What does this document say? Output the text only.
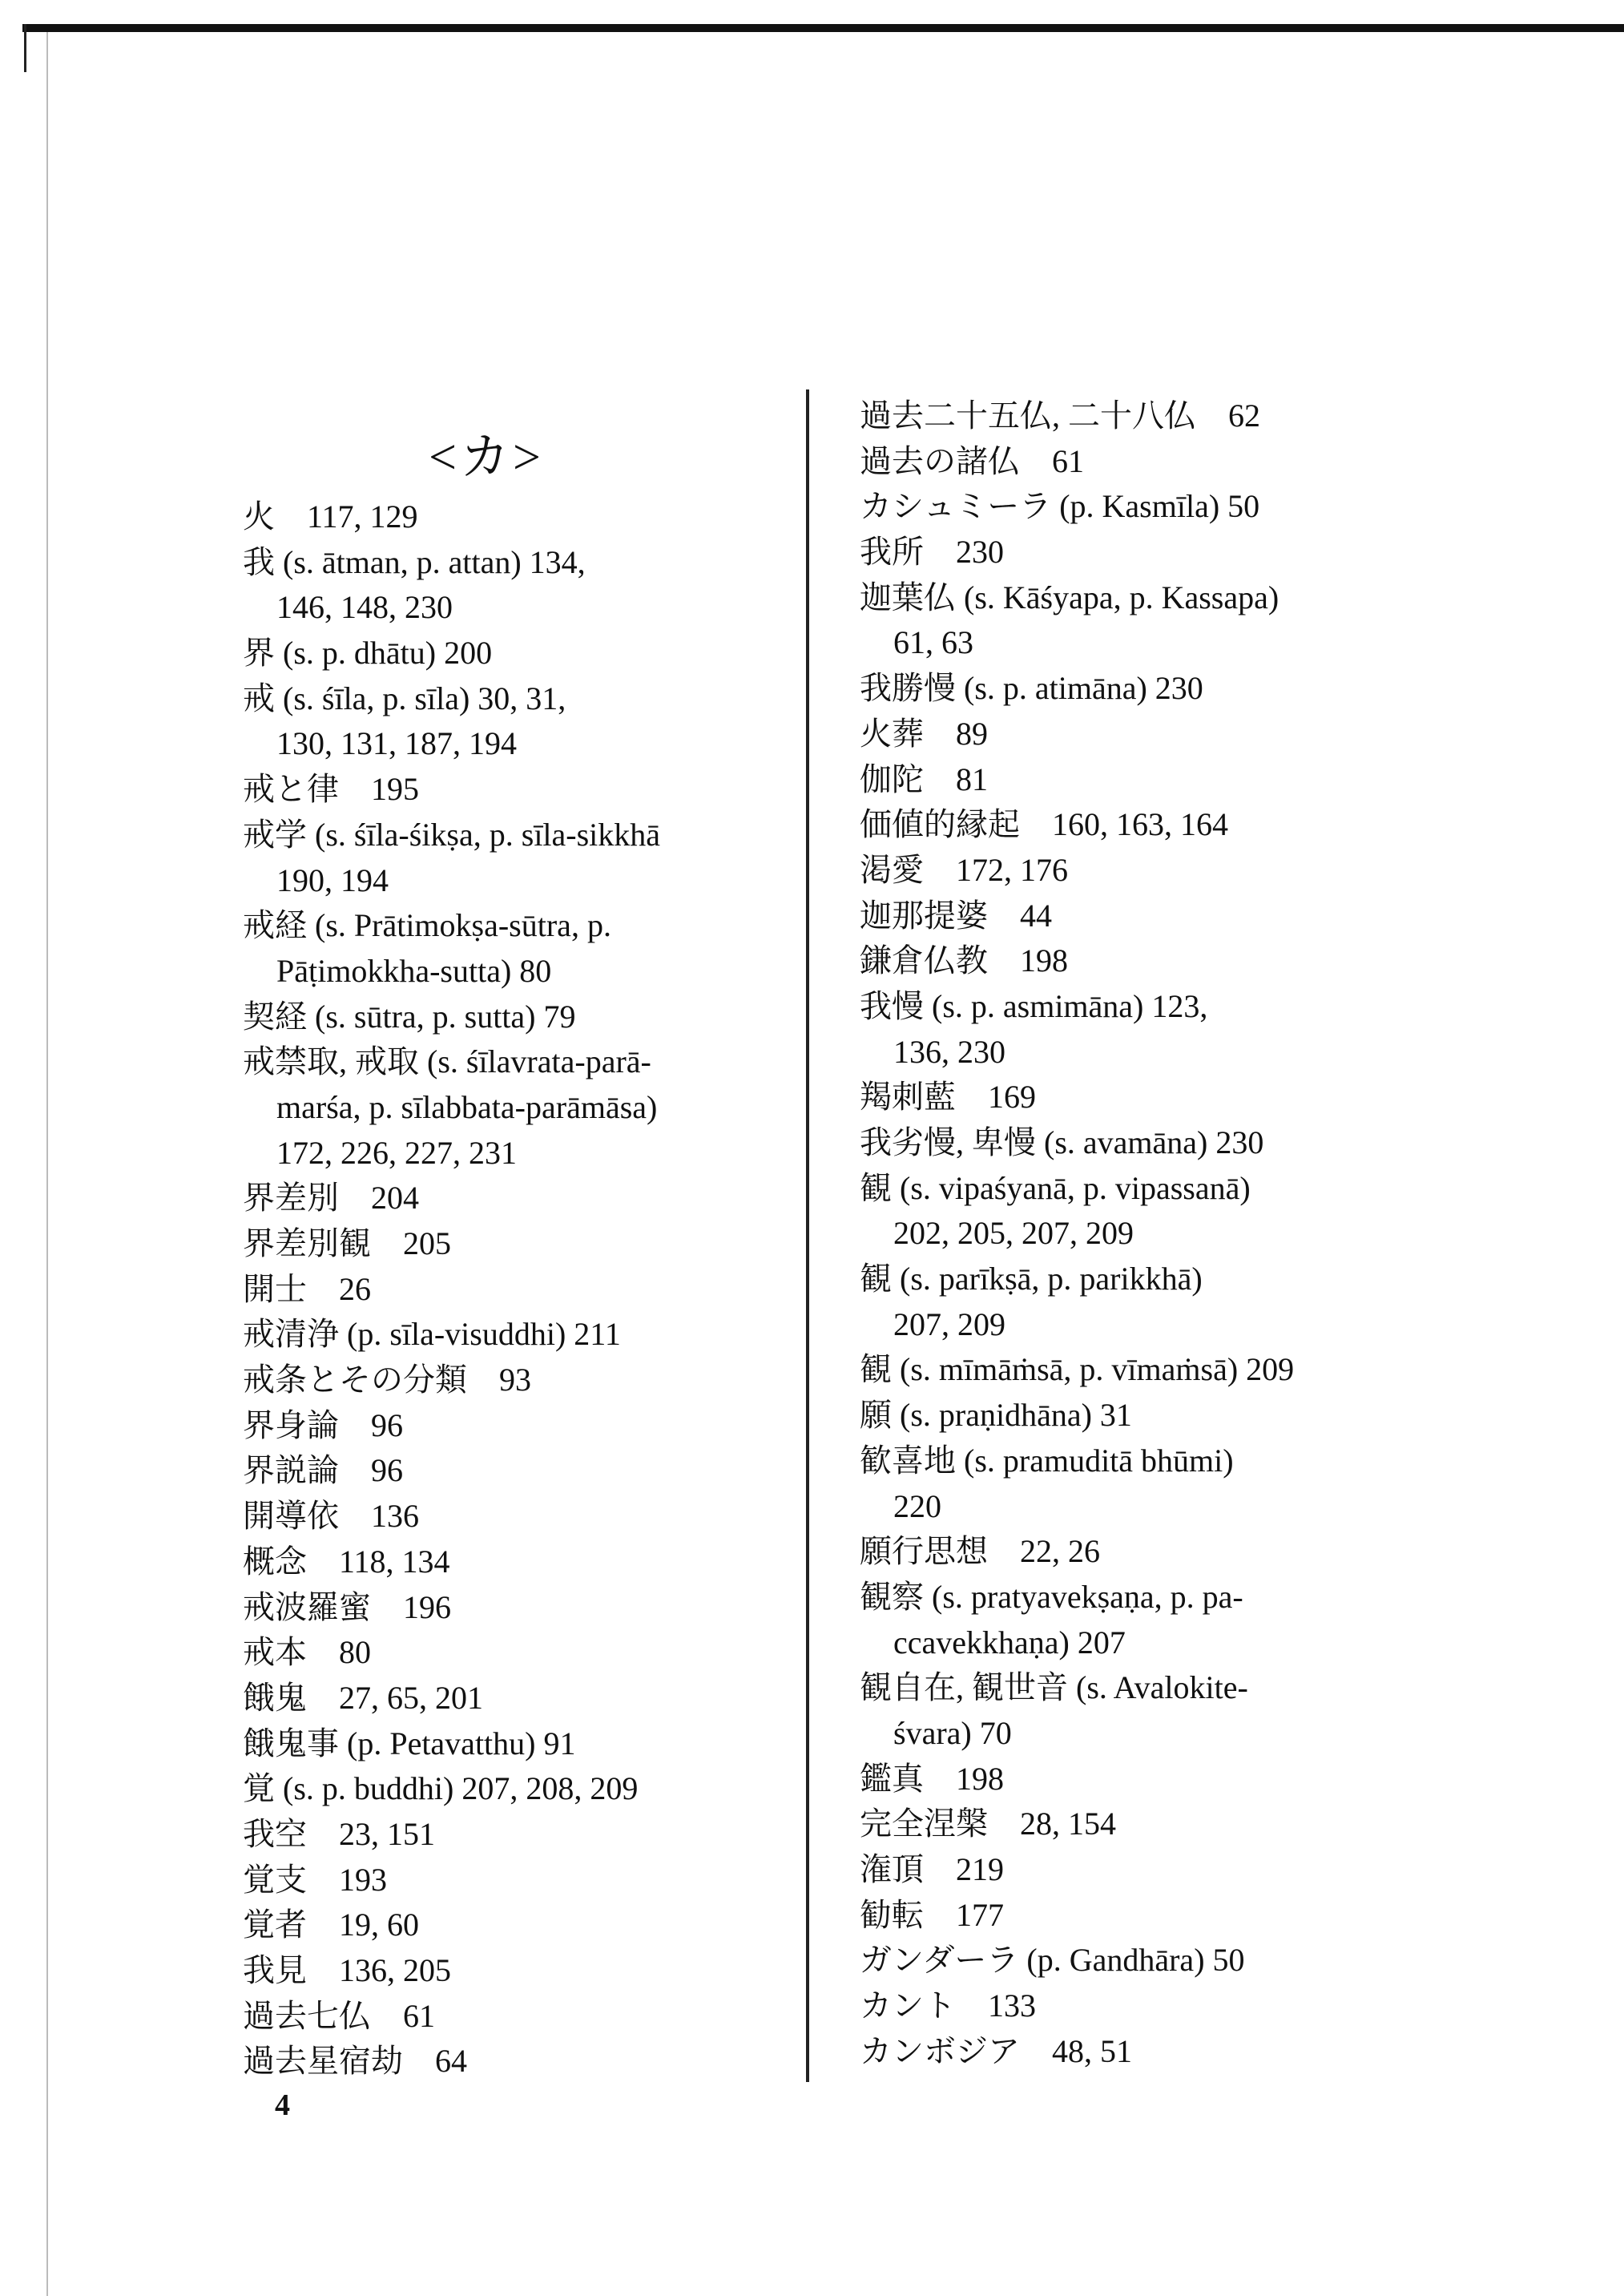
<カ>
火　117, 129
我 (s. ātman, p. attan) 134,
146, 148, 230
界 (s. p. dhātu) 200
戒 (s. śīla, p. sīla) 30, 31,
130, 131, 187, 194
戒と律　195
戒学 (s. śīla-śikṣa, p. sīla-sikkhā
190, 194
戒経 (s. Prātimokṣa-sūtra, p.
Pāṭimokkha-sutta) 80
契経 (s. sūtra, p. sutta) 79
戒禁取, 戒取 (s. śīlavrata-parā-
marśa, p. sīlabbata-parāmāsa)
172, 226, 227, 231
界差別　204
界差別観　205
開士　26
戒清浄 (p. sīla-visuddhi) 211
戒条とその分類　93
界身論　96
界説論　96
開導依　136
概念　118, 134
戒波羅蜜　196
戒本　80
餓鬼　27, 65, 201
餓鬼事 (p. Petavatthu) 91
覚 (s. p. buddhi) 207, 208, 209
我空　23, 151
覚支　193
覚者　19, 60
我見　136, 205
過去七仏　61
過去星宿劫　64
過去二十五仏, 二十八仏　62
過去の諸仏　61
カシュミーラ (p. Kasmīla) 50
我所　230
迦葉仏 (s. Kāśyapa, p. Kassapa)
61, 63
我勝慢 (s. p. atimāna) 230
火葬　89
伽陀　81
価値的縁起　160, 163, 164
渇愛　172, 176
迦那提婆　44
鎌倉仏教　198
我慢 (s. p. asmimāna) 123,
136, 230
羯刺藍　169
我劣慢, 卑慢 (s. avamāna) 230
観 (s. vipaśyanā, p. vipassanā)
202, 205, 207, 209
観 (s. parīkṣā, p. parikkhā)
207, 209
観 (s. mīmāṁsā, p. vīmaṁsā) 209
願 (s. praṇidhāna) 31
歓喜地 (s. pramuditā bhūmi)
220
願行思想　22, 26
観察 (s. pratyavekṣaṇa, p. pa-
ccavekkhaṇa) 207
観自在, 観世音 (s. Avalokite-
śvara) 70
鑑真　198
完全涅槃　28, 154
潅頂　219
勧転　177
ガンダーラ (p. Gandhāra) 50
カント　133
カンボジア　48, 51
4
